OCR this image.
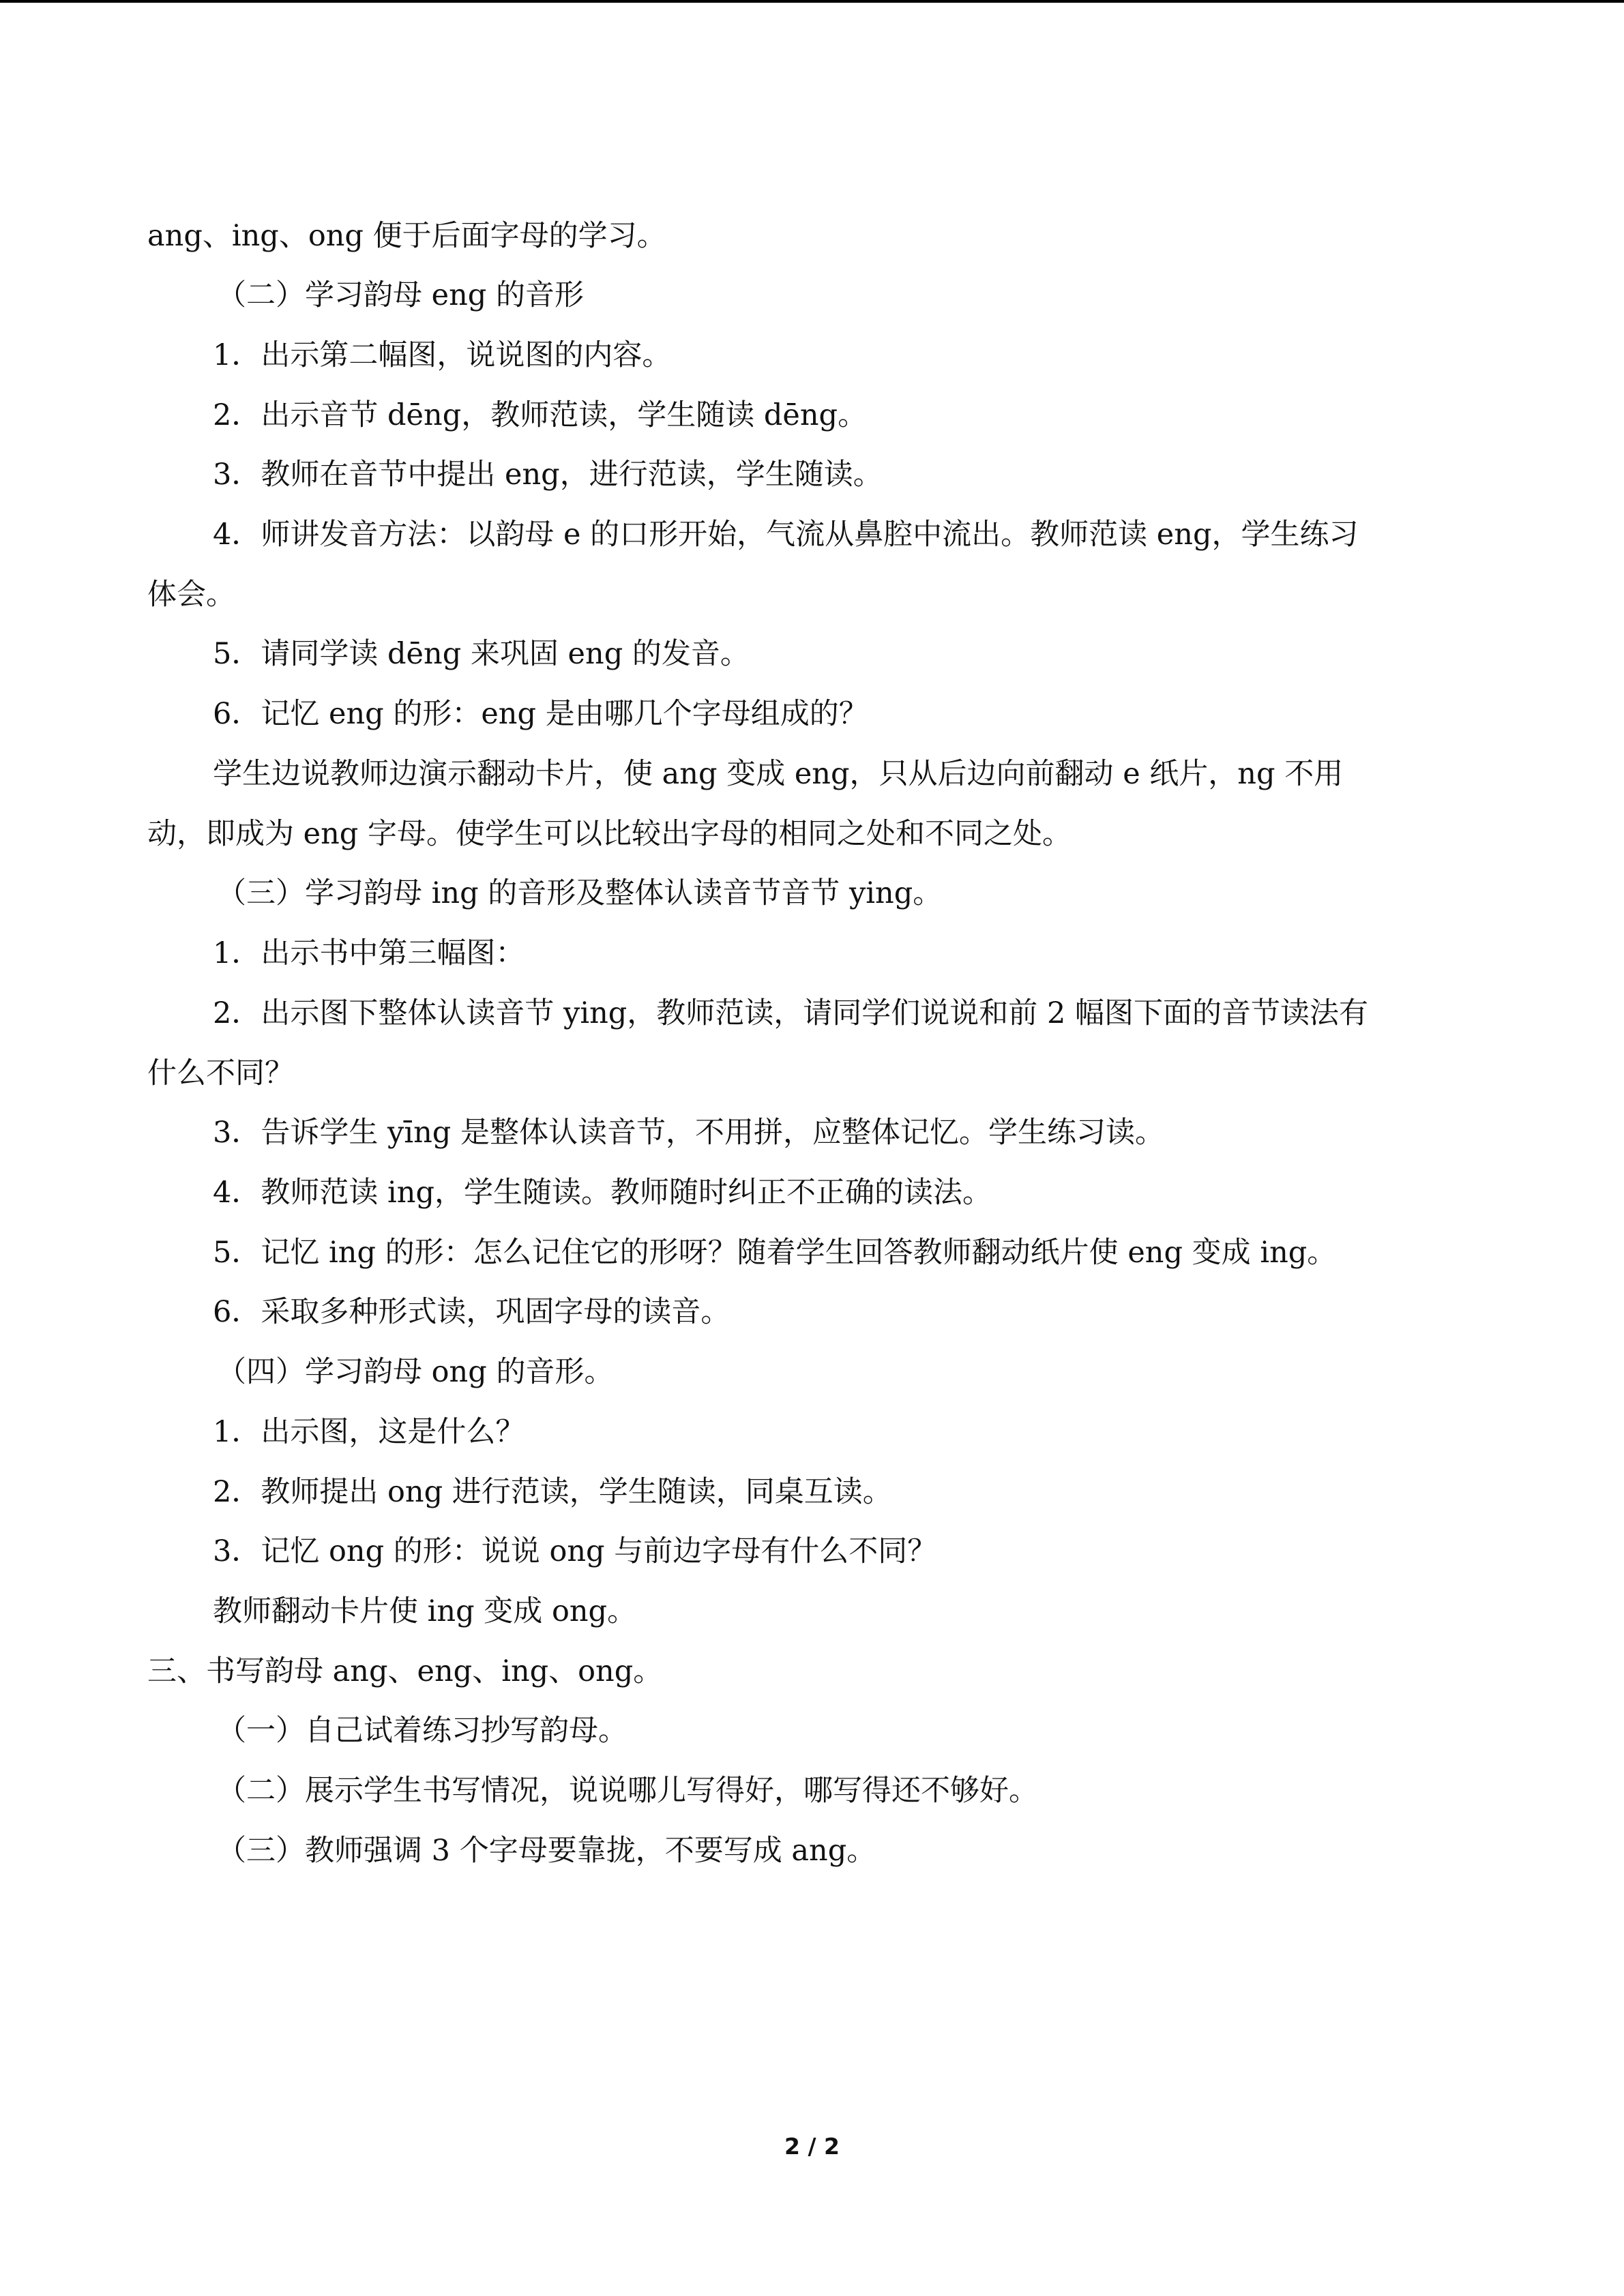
ang、ing、ong 便于后面字母的学习。
（二）学习韵母 eng 的音形
1．出示第二幅图，说说图的内容。
2．出示音节 dēng，教师范读，学生随读 dēng。
3．教师在音节中提出 eng，进行范读，学生随读。
4．师讲发音方法：以韵母 e 的口形开始，气流从鼻腔中流出。教师范读 eng，学生练习
体会。
5．请同学读 dēng 来巩固 eng 的发音。
6．记忆 eng 的形：eng 是由哪几个字母组成的？
学生边说教师边演示翻动卡片，使 ang 变成 eng，只从后边向前翻动 e 纸片，ng 不用
动，即成为 eng 字母。使学生可以比较出字母的相同之处和不同之处。
（三）学习韵母 ing 的音形及整体认读音节音节 ying。
1．出示书中第三幅图：
2．出示图下整体认读音节 ying，教师范读，请同学们说说和前 2 幅图下面的音节读法有
什么不同？
3．告诉学生 yīng 是整体认读音节，不用拼，应整体记忆。学生练习读。
4．教师范读 ing，学生随读。教师随时纠正不正确的读法。
5．记忆 ing 的形：怎么记住它的形呀？随着学生回答教师翻动纸片使 eng 变成 ing。
6．采取多种形式读，巩固字母的读音。
（四）学习韵母 ong 的音形。
1．出示图，这是什么？
2．教师提出 ong 进行范读，学生随读，同桌互读。
3．记忆 ong 的形：说说 ong 与前边字母有什么不同？
教师翻动卡片使 ing 变成 ong。
三、书写韵母 ang、eng、ing、ong。
（一）自己试着练习抄写韵母。
（二）展示学生书写情况，说说哪儿写得好，哪写得还不够好。
（三）教师强调 3 个字母要靠拢，不要写成 ang。
2 / 2
